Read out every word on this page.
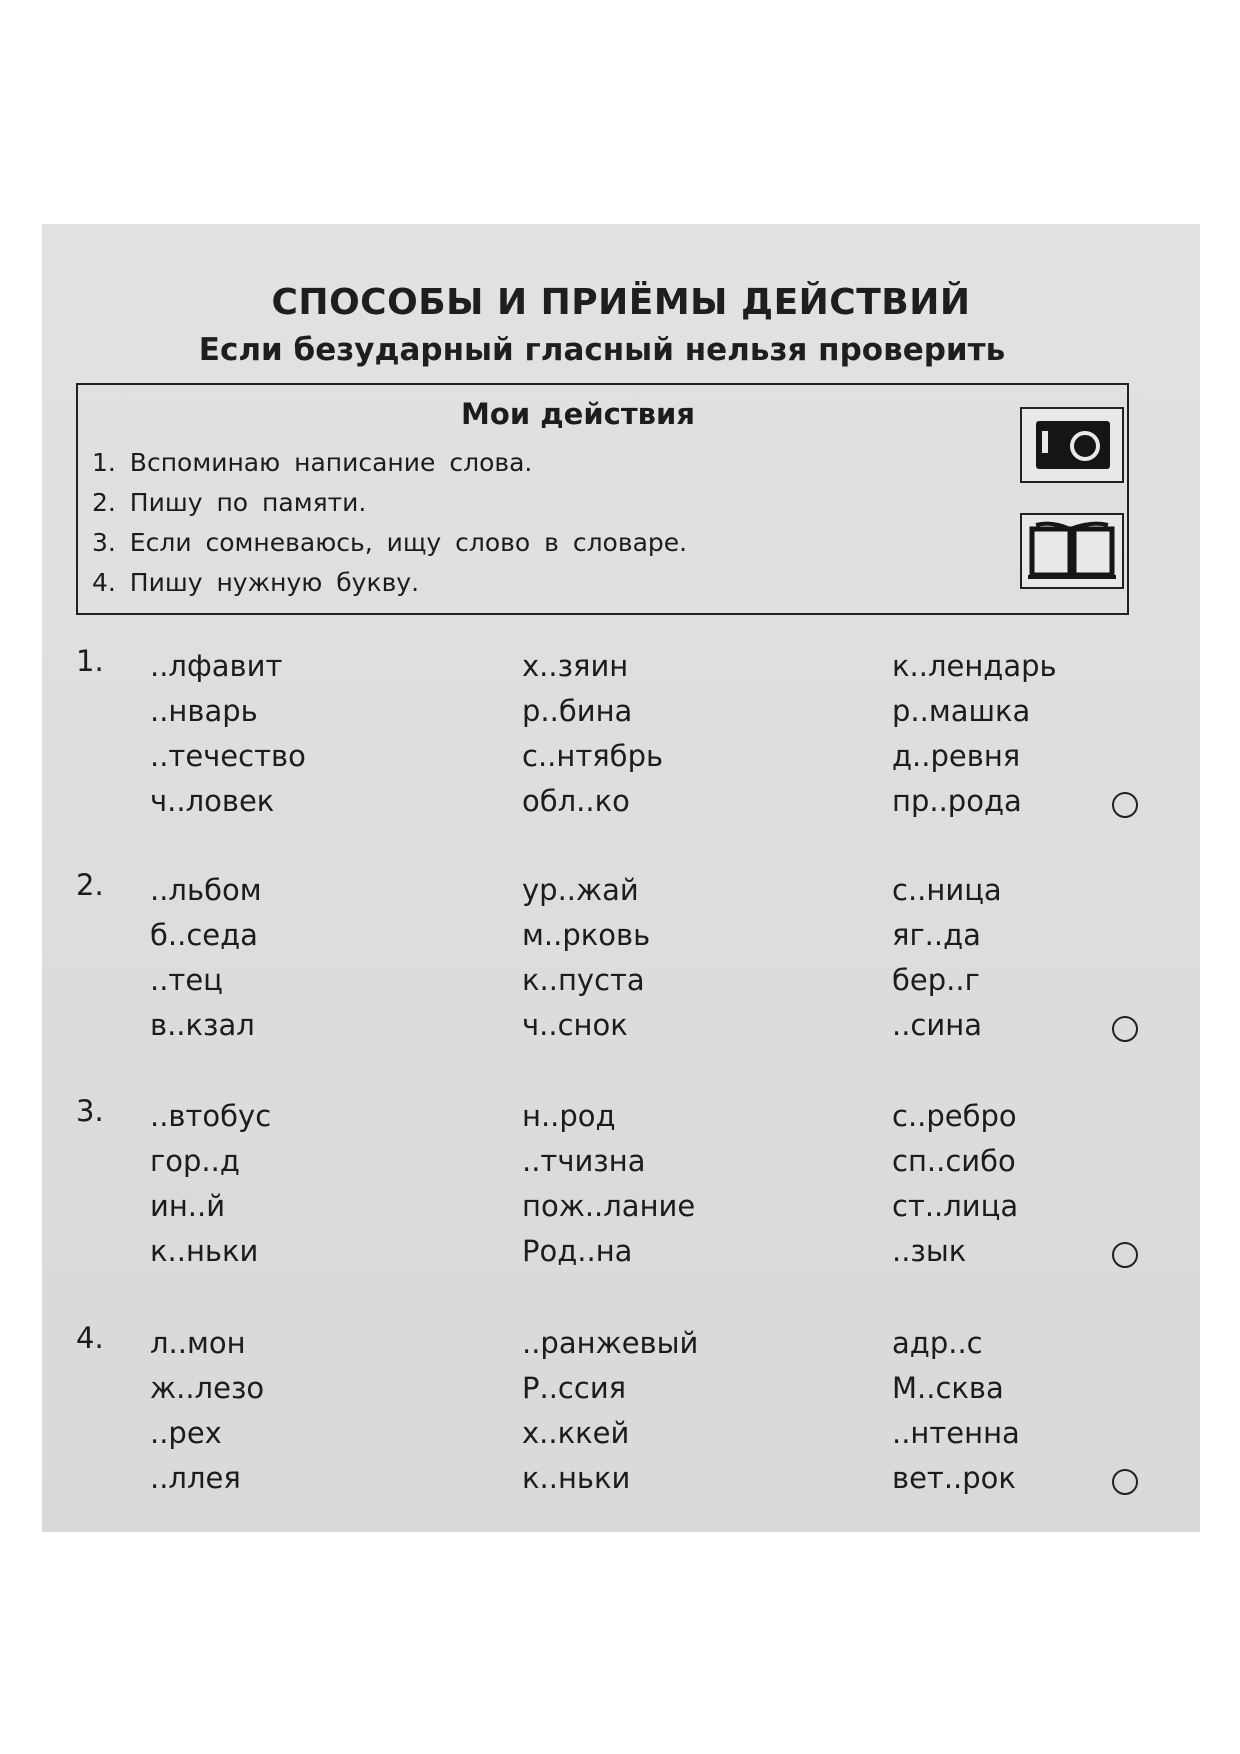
СПОСОБЫ И ПРИЁМЫ ДЕЙСТВИЙ
Если безударный гласный нельзя проверить
Мои действия
1. Вспоминаю написание слова.
2. Пишу по памяти.
3. Если сомневаюсь, ищу слово в словаре.
4. Пишу нужную букву.
1. ..лфавит
..нварь
..течество
ч..ловек
х..зяин
р..бина
с..нтябрь
обл..ко
к..лендарь
р..машка
д..ревня
пр..рода
2. ..льбом
б..седа
..тец
в..кзал
ур..жай
м..рковь
к..пуста
ч..снок
с..ница
яг..да
бер..г
..сина
3. ..втобус
гор..д
ин..й
к..ньки
н..род
..тчизна
пож..лание
Род..на
с..ребро
сп..сибо
ст..лица
..зык
4. л..мон
ж..лезо
..рех
..ллея
..ранжевый
Р..ссия
х..ккей
к..ньки
адр..с
М..сква
..нтенна
вет..рок
